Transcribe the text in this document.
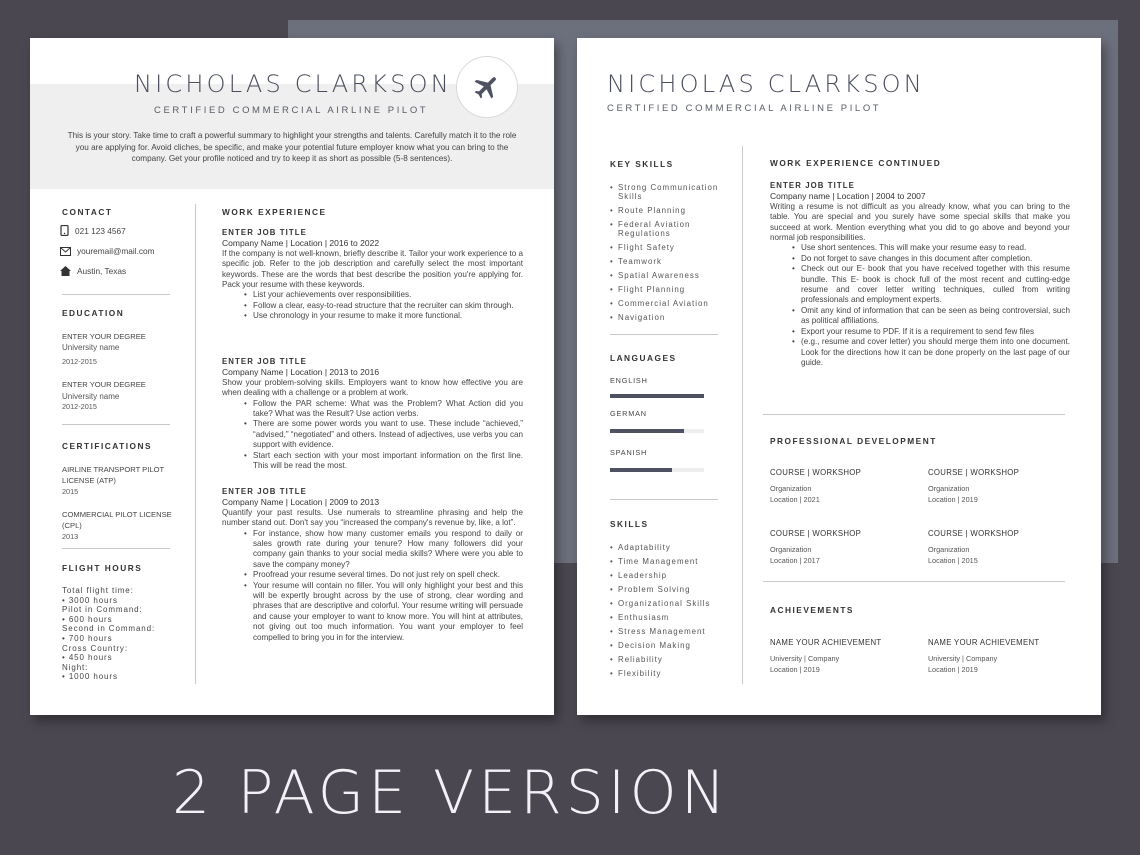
NICHOLAS CLARKSON
CERTIFIED COMMERCIAL AIRLINE PILOT
This is your story. Take time to craft a powerful summary to highlight your strengths and talents. Carefully match it to the role you are applying for. Avoid cliches, be specific, and make your potential future employer know what you can bring to the company. Get your profile noticed and try to keep it as short as possible (5-8 sentences).
CONTACT
021 123 4567
youremail@mail.com
Austin, Texas
EDUCATION
ENTER YOUR DEGREE
University name
2012-2015
ENTER YOUR DEGREE
University name
2012-2015
CERTIFICATIONS
AIRLINE TRANSPORT PILOT
LICENSE (ATP)
2015
COMMERCIAL PILOT LICENSE
(CPL)
2013
FLIGHT HOURS
Total flight time:
• 3000 hours
Pilot in Command:
• 600 hours
Second in Command:
• 700 hours
Cross Country:
• 450 hours
Night:
• 1000 hours
WORK EXPERIENCE
ENTER JOB TITLE
Company Name | Location | 2016 to 2022

If the company is not well-known, briefly describe it. Tailor your work experience to a specific job. Refer to the job description and carefully select the most important keywords. These are the words that best describe the position you're applying for. Pack your resume with these keywords.

• List your achievements over responsibilities.
• Follow a clear, easy-to-read structure that the recruiter can skim through.
• Use chronology in your resume to make it more functional.
ENTER JOB TITLE
Company Name | Location | 2013 to 2016

Show your problem-solving skills. Employers want to know how effective you are when dealing with a challenge or a problem at work.

• Follow the PAR scheme: What was the Problem? What Action did you take? What was the Result? Use action verbs.
• There are some power words you want to use. These include “achieved,” “advised,” “negotiated” and others. Instead of adjectives, use verbs you can support with evidence.
• Start each section with your most important information on the first line. This will be read the most.
ENTER JOB TITLE
Company Name | Location | 2009 to 2013

Quantify your past results. Use numerals to streamline phrasing and help the number stand out. Don't say you “increased the company's revenue by, like, a lot”.

• For instance, show how many customer emails you respond to daily or sales growth rate during your tenure? How many followers did your company gain thanks to your social media skills? Where were you able to save the company money?
• Proofread your resume several times. Do not just rely on spell check.
• Your resume will contain no filler. You will only highlight your best and this will be expertly brought across by the use of strong, clear wording and phrases that are descriptive and colorful. Your resume writing will persuade and cause your employer to want to know more. You will hint at attributes, not giving out too much information. You want your employer to feel compelled to bring you in for the interview.
NICHOLAS CLARKSON
CERTIFIED COMMERCIAL AIRLINE PILOT
KEY SKILLS
• Strong Communication Skills
• Route Planning
• Federal Aviation Regulations
• Flight Safety
• Teamwork
• Spatial Awareness
• Flight Planning
• Commercial Aviation
• Navigation
LANGUAGES
ENGLISH
GERMAN
SPANISH
SKILLS
• Adaptability
• Time Management
• Leadership
• Problem Solving
• Organizational Skills
• Enthusiasm
• Stress Management
• Decision Making
• Reliability
• Flexibility
WORK EXPERIENCE CONTINUED
ENTER JOB TITLE
Company name | Location | 2004 to 2007

Writing a resume is not difficult as you already know, what you can bring to the table. You are special and you surely have some special skills that make you succeed at work. Mention everything what you did to go above and beyond your normal job responsibilities.

• Use short sentences. This will make your resume easy to read.
• Do not forget to save changes in this document after completion.
• Check out our E- book that you have received together with this resume bundle. This E- book is chock full of the most recent and cutting-edge resume and cover letter writing techniques, culled from writing professionals and employment experts.
• Omit any kind of information that can be seen as being controversial, such as political affiliations.
• Export your resume to PDF. If it is a requirement to send few files
• (e.g., resume and cover letter) you should merge them into one document. Look for the directions how it can be done properly on the last page of our guide.
PROFESSIONAL DEVELOPMENT
COURSE | WORKSHOP
Organization
Location | 2021
COURSE | WORKSHOP
Organization
Location | 2019
COURSE | WORKSHOP
Organization
Location | 2017
COURSE | WORKSHOP
Organization
Location | 2015
ACHIEVEMENTS
NAME YOUR ACHIEVEMENT
University | Company
Location | 2019
NAME YOUR ACHIEVEMENT
University | Company
Location | 2019
2 PAGE VERSION
